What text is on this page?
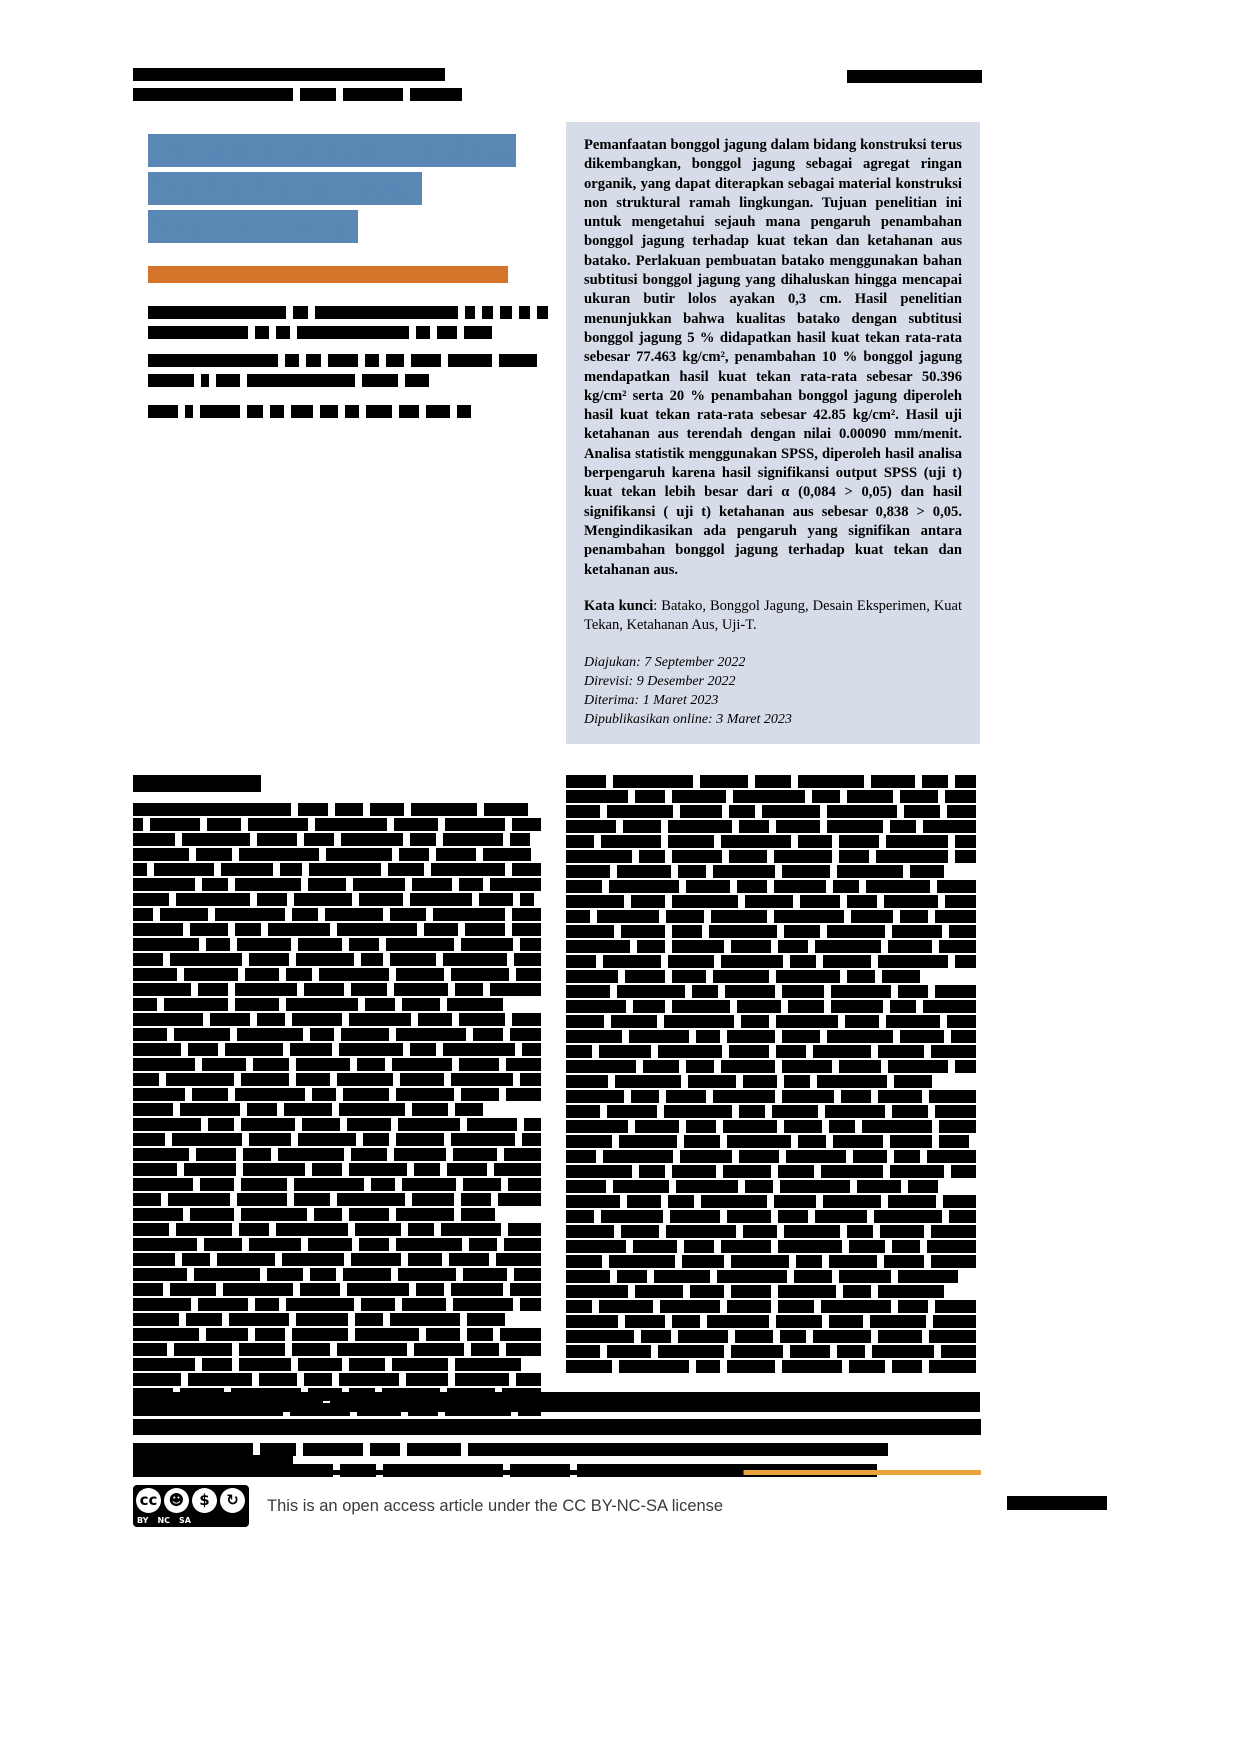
Pengujian Statistik Kualitas
Batako Bersubstitusi
Bonggol Jagung
Melinda Wahyu Nugroho¹, Indrasurya²

Pemanfaatan bonggol jagung dalam bidang konstruksi terus dikembangkan, bonggol jagung sebagai agregat ringan organik, yang dapat diterapkan sebagai material konstruksi non struktural ramah lingkungan. Tujuan penelitian ini untuk mengetahui sejauh mana pengaruh penambahan bonggol jagung terhadap kuat tekan dan ketahanan aus batako. Perlakuan pembuatan batako menggunakan bahan subtitusi bonggol jagung yang dihaluskan hingga mencapai ukuran butir lolos ayakan 0,3 cm. Hasil penelitian menunjukkan bahwa kualitas batako dengan subtitusi bonggol jagung 5 % didapatkan hasil kuat tekan rata-rata sebesar 77.463 kg/cm², penambahan 10 % bonggol jagung mendapatkan hasil kuat tekan rata-rata sebesar 50.396 kg/cm² serta 20 % penambahan bonggol jagung diperoleh hasil kuat tekan rata-rata sebesar 42.85 kg/cm². Hasil uji ketahanan aus terendah dengan nilai 0.00090 mm/menit. Analisa statistik menggunakan SPSS, diperoleh hasil analisa berpengaruh karena hasil signifikansi output SPSS (uji t) kuat tekan lebih besar dari α (0,084 > 0,05) dan hasil signifikansi ( uji t) ketahanan aus sebesar 0,838 > 0,05. Mengindikasikan ada pengaruh yang signifikan antara penambahan bonggol jagung terhadap kuat tekan dan ketahanan aus.

Kata kunci: Batako, Bonggol Jagung, Desain Eksperimen, Kuat Tekan, Ketahanan Aus, Uji-T.
Diajukan: 7 September 2022
Direvisi: 9 Desember 2022
Diterima: 1 Maret 2023
Dipublikasikan online: 3 Maret 2023
cc ☻ $	↻
BY NC SA
This is an open access article under the CC BY-NC-SA license
